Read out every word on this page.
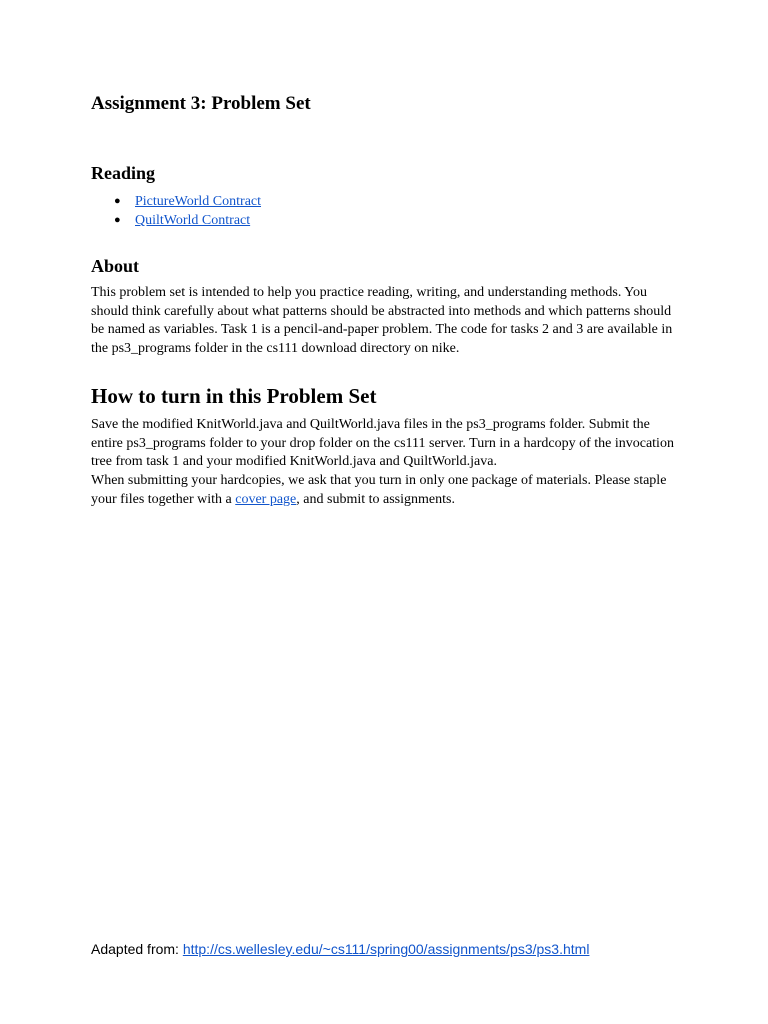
Assignment 3: Problem Set
Reading
● PictureWorld Contract
● QuiltWorld Contract
About

This problem set is intended to help you practice reading, writing, and understanding methods. You
should think carefully about what patterns should be abstracted into methods and which patterns should
be named as variables. Task 1 is a pencil-and-paper problem. The code for tasks 2 and 3 are available in
the ps3_programs folder in the cs111 download directory on nike.

How to turn in this Problem Set

Save the modified KnitWorld.java and QuiltWorld.java files in the ps3_programs folder. Submit the
entire ps3_programs folder to your drop folder on the cs111 server. Turn in a hardcopy of the invocation
tree from task 1 and your modified KnitWorld.java and QuiltWorld.java.
When submitting your hardcopies, we ask that you turn in only one package of materials. Please staple
your files together with a cover page, and submit to assignments.

Adapted from: http://cs.wellesley.edu/~cs111/spring00/assignments/ps3/ps3.html
